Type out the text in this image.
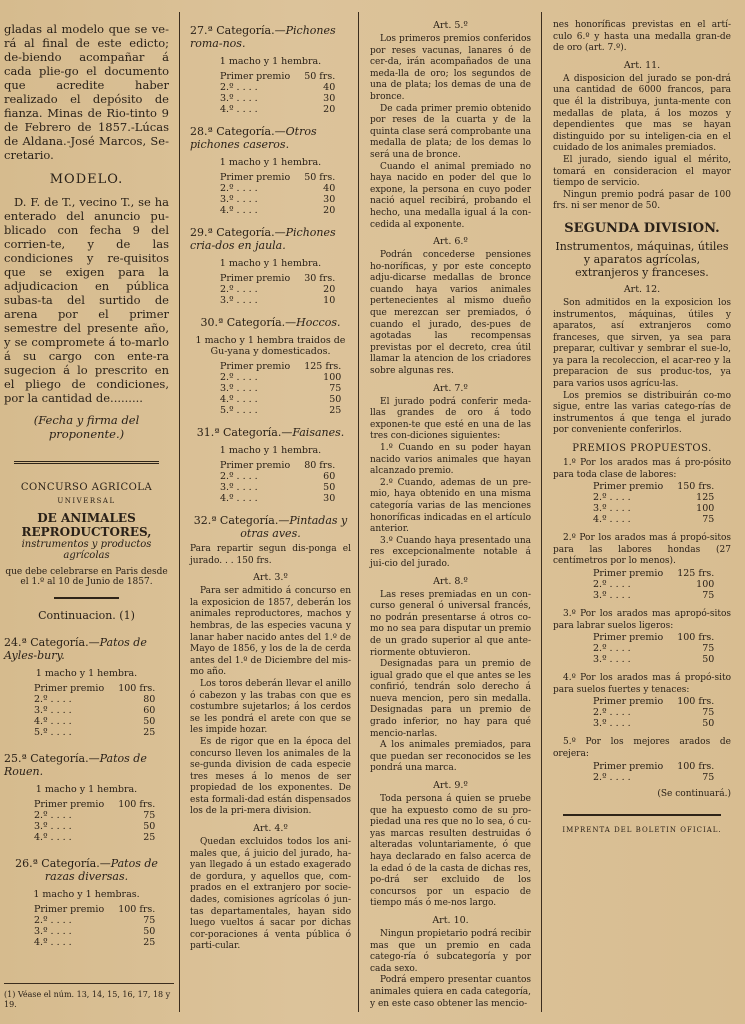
gladas al modelo que se ve-rá al final de este edicto; de-biendo acompañar á cada plie-go el documento que acredite haber realizado el depósito de fianza. Minas de Rio-tinto 9 de Febrero de 1857.-Lúcas de Aldana.-José Marcos, Se-cretario.

MODELO.

D. F. de T., vecino T., se ha enterado del anuncio pu-blicado con fecha 9 del corrien-te, y de las condiciones y re-quisitos que se exigen para la adjudicacion en pública subas-ta del surtido de arena por el primer semestre del presente año, y se compromete á to-marlo á su cargo con ente-ra sugecion á lo prescrito en el pliego de condiciones, por la cantidad de.........

(Fecha y firma del proponente.)

CONCURSO AGRICOLA
UNIVERSAL
DE ANIMALES REPRODUCTORES,
instrumentos y productos agrícolas
que debe celebrarse en Paris desde el 1.º al 10 de Junio de 1857.
Continuacion. (1)
24.ª Categoría.—Patos de Ayles-bury.
1 macho y 1 hembra.
Primer premio	100 frs.
2.º . . . .	80
3.º . . . .	60
4.º . . . .	50
5.º . . . .	25
25.ª Categoría.—Patos de Rouen.
1 macho y 1 hembra.
Primer premio	100 frs.
2.º . . . .	75
3.º . . . .	50
4.º . . . .	25
26.ª Categoría.—Patos de razas diversas.
1 macho y 1 hembras.
Primer premio	100 frs.
2.º . . . .	75
3.º . . . .	50
4.º . . . .	25
(1) Véase el núm. 13, 14, 15, 16, 17, 18 y 19.
27.ª Categoría.—Pichones roma-nos.
1 macho y 1 hembra.
Primer premio	50 frs.
2.º . . . .	40
3.º . . . .	30
4.º . . . .	20
28.ª Categoría.—Otros pichones caseros.
1 macho y 1 hembra.
Primer premio	50 frs.
2.º . . . .	40
3.º . . . .	30
4.º . . . .	20
29.ª Categoría.—Pichones cria-dos en jaula.
1 macho y 1 hembra.
Primer premio	30 frs.
2.º . . . .	20
3.º . . . .	10
30.ª Categoría.—Hoccos.
1 macho y 1 hembra traidos de Gu-yana y domesticados.
Primer premio	125 frs.
2.º . . . .	100
3.º . . . .	75
4.º . . . .	50
5.º . . . .	25
31.ª Categoría.—Faisanes.
1 macho y 1 hembra.
Primer premio	80 frs.
2.º . . . .	60
3.º . . . .	50
4.º . . . .	30
32.ª Categoría.—Pintadas y otras aves.

Para repartir segun dis-ponga el jurado. . . 150 frs.

Art. 3.º

Para ser admitido á concurso en la exposicion de 1857, deberán los animales reproductores, machos y hembras, de las especies vacuna y lanar haber nacido antes del 1.º de Mayo de 1856, y los de la de cerda antes del 1.º de Diciembre del mis-mo año.

Los toros deberán llevar el anillo ó cabezon y las trabas con que es costumbre sujetarlos; á los cerdos se les pondrá el arete con que se les impide hozar.

Es de rigor que en la época del concurso lleven los animales de la se-gunda division de cada especie tres meses á lo menos de ser propiedad de los exponentes. De esta formali-dad están dispensados los de la pri-mera division.

Art. 4.º

Quedan excluidos todos los ani-males que, á juicio del jurado, ha-yan llegado á un estado exagerado de gordura, y aquellos que, com-prados en el extranjero por socie-dades, comisiones agrícolas ó jun-tas departamentales, hayan sido luego vueltos á sacar por dichas cor-poraciones á venta pública ó parti-cular.

Art. 5.º

Los primeros premios conferidos por reses vacunas, lanares ó de cer-da, irán acompañados de una meda-lla de oro; los segundos de una de plata; los demas de una de bronce.

De cada primer premio obtenido por reses de la cuarta y de la quinta clase será comprobante una medalla de plata; de los demas lo será una de bronce.

Cuando el animal premiado no haya nacido en poder del que lo expone, la persona en cuyo poder nació aquel recibirá, probando el hecho, una medalla igual á la con-cedida al exponente.

Art. 6.º

Podrán concederse pensiones ho-noríficas, y por este concepto adju-dicarse medallas de bronce cuando haya varios animales pertenecientes al mismo dueño que merezcan ser premiados, ó cuando el jurado, des-pues de agotadas las recompensas previstas por el decreto, crea útil llamar la atencion de los criadores sobre algunas res.

Art. 7.º

El jurado podrá conferir meda-llas grandes de oro á todo exponen-te que esté en una de las tres con-diciones siguientes:

1.º Cuando en su poder hayan nacido varios animales que hayan alcanzado premio.

2.º Cuando, ademas de un pre-mio, haya obtenido en una misma categoría varias de las menciones honoríficas indicadas en el artículo anterior.

3.º Cuando haya presentado una res excepcionalmente notable á jui-cio del jurado.

Art. 8.º

Las reses premiadas en un con-curso general ó universal francés, no podrán presentarse á otros co-mo no sea para disputar un premio de un grado superior al que ante-riormente obtuvieron.

Designadas para un premio de igual grado que el que antes se les confirió, tendrán solo derecho á nueva mencion, pero sin medalla. Designadas para un premio de grado inferior, no hay para qué mencio-narlas.

A los animales premiados, para que puedan ser reconocidos se les pondrá una marca.

Art. 9.º

Toda persona á quien se pruebe que ha expuesto como de su pro-piedad una res que no lo sea, ó cu-yas marcas resulten destruidas ó alteradas voluntariamente, ó que haya declarado en falso acerca de la edad ó de la casta de dichas res, po-drá ser excluido de los concursos por un espacio de tiempo más ó me-nos largo.

Art. 10.

Ningun propietario podrá recibir mas que un premio en cada catego-ría ó subcategoría y por cada sexo.

Podrá empero presentar cuantos animales quiera en cada categoría, y en este caso obtener las mencio-

nes honoríficas previstas en el artí-culo 6.º y hasta una medalla gran-de de oro (art. 7.º).

Art. 11.

A disposicion del jurado se pon-drá una cantidad de 6000 francos, para que él la distribuya, junta-mente con medallas de plata, á los mozos y dependientes que mas se hayan distinguido por su inteligen-cia en el cuidado de los animales premiados.

El jurado, siendo igual el mérito, tomará en consideracion el mayor tiempo de servicio.

Ningun premio podrá pasar de 100 frs. ni ser menor de 50.

SEGUNDA DIVISION.
Instrumentos, máquinas, útiles y aparatos agrícolas, extranjeros y franceses.
Art. 12.

Son admitidos en la exposicion los instrumentos, máquinas, útiles y aparatos, así extranjeros como franceses, que sirven, ya sea para preparar, cultivar y sembrar el sue-lo, ya para la recoleccion, el acar-reo y la preparacion de sus produc-tos, ya para varios usos agrícu-las.

Los premios se distribuirán co-mo sigue, entre las varias catego-rías de instrumentos á que tenga el jurado por conveniente conferirlos.

PREMIOS PROPUESTOS.

1.º Por los arados mas á pro-pósito para toda clase de labores:

Primer premio	150 frs.
2.º . . . .	125
3.º . . . .	100
4.º . . . .	75

2.º Por los arados mas á propó-sitos para las labores hondas (27 centímetros por lo menos).

Primer premio	125 frs.
2.º . . . .	100
3.º . . . .	75

3.º Por los arados mas apropó-sitos para labrar suelos ligeros:

Primer premio	100 frs.
2.º . . . .	75
3.º . . . .	50

4.º Por los arados mas á propó-sito para suelos fuertes y tenaces:

Primer premio	100 frs.
2.º . . . .	75
3.º . . . .	50

5.º Por los mejores arados de orejera:

Primer premio	100 frs.
2.º . . . .	75

(Se continuará.)

IMPRENTA DEL BOLETIN OFICIAL.
